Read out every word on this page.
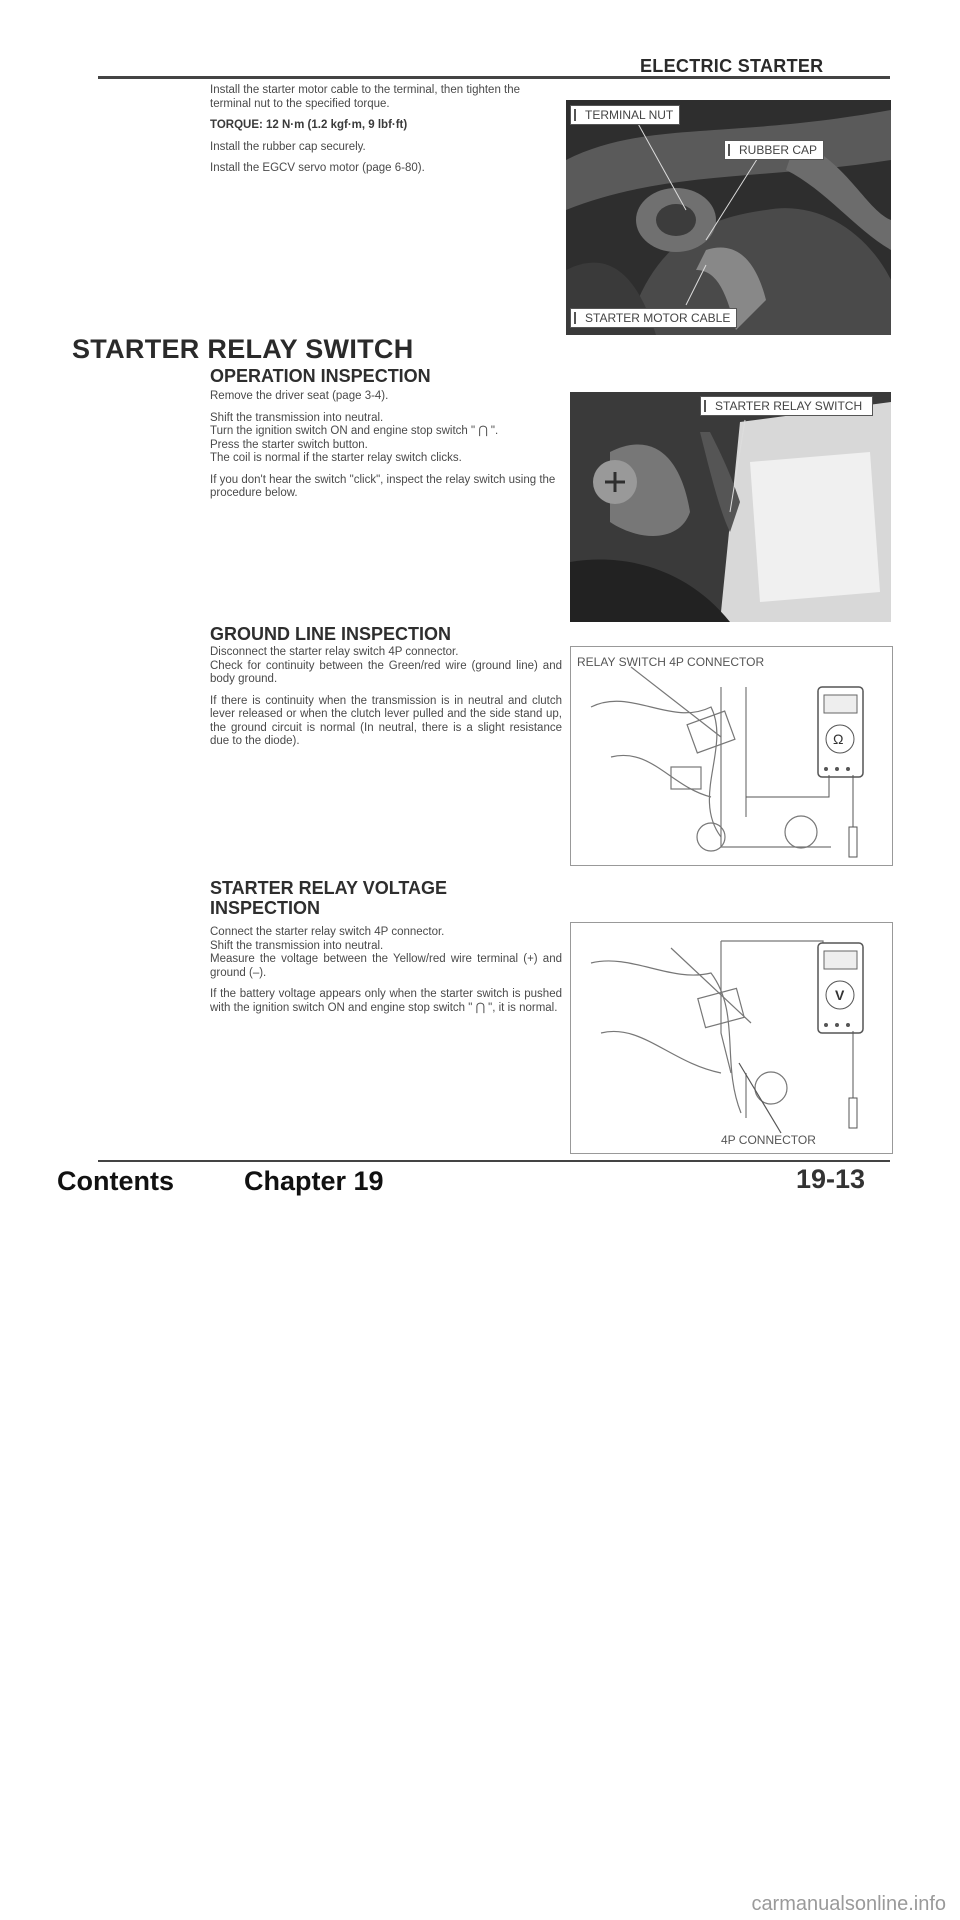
ELECTRIC STARTER

Install the starter motor cable to the terminal, then tighten the terminal nut to the specified torque.

TORQUE: 12 N·m (1.2 kgf·m, 9 lbf·ft)

Install the rubber cap securely.

Install the EGCV servo motor (page 6-80).

TERMINAL NUT
RUBBER CAP
STARTER MOTOR CABLE
STARTER RELAY SWITCH
OPERATION INSPECTION

Remove the driver seat (page 3-4).

Shift the transmission into neutral.

Turn the ignition switch ON and engine stop switch " ⋂ ".

Press the starter switch button.

The coil is normal if the starter relay switch clicks.

If you don't hear the switch "click", inspect the relay switch using the procedure below.

STARTER RELAY SWITCH
GROUND LINE INSPECTION

Disconnect the starter relay switch 4P connector.

Check for continuity between the Green/red wire (ground line) and body ground.

If there is continuity when the transmission is in neutral and clutch lever released or when the clutch lever pulled and the side stand up, the ground circuit is normal (In neutral, there is a slight resistance due to the diode).

RELAY SWITCH 4P CONNECTOR
Ω
STARTER RELAY VOLTAGE
INSPECTION

Connect the starter relay switch 4P connector.

Shift the transmission into neutral.

Measure the voltage between the Yellow/red wire terminal (+) and ground (–).

If the battery voltage appears only when the starter switch is pushed with the ignition switch ON and engine stop switch " ⋂ ", it is normal.

V
4P CONNECTOR
Contents	Chapter 19	19-13
carmanualsonline.info
